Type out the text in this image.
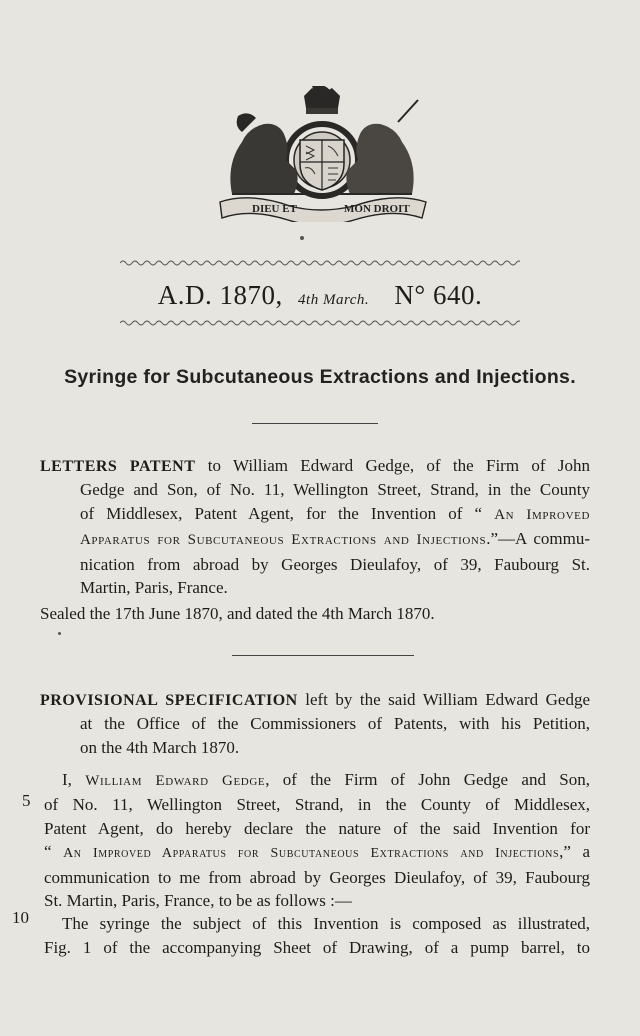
DIEU ET	MON DROIT
A.D. 1870, 4th March. N° 640.
Syringe for Subcutaneous Extractions and Injections.
LETTERS PATENT to William Edward Gedge, of the Firm of John
Gedge and Son, of No. 11, Wellington Street, Strand, in the County
of Middlesex, Patent Agent, for the Invention of “ An Improved
Apparatus for Subcutaneous Extractions and Injections.”—A commu-
nication from abroad by Georges Dieulafoy, of 39, Faubourg St.
Martin, Paris, France.
Sealed the 17th June 1870, and dated the 4th March 1870.
PROVISIONAL SPECIFICATION left by the said William Edward Gedge
at the Office of the Commissioners of Patents, with his Petition,
on the 4th March 1870.
5
10
I, William Edward Gedge, of the Firm of John Gedge and Son,
of No. 11, Wellington Street, Strand, in the County of Middlesex,
Patent Agent, do hereby declare the nature of the said Invention for
“ An Improved Apparatus for Subcutaneous Extractions and Injections,” a
communication to me from abroad by Georges Dieulafoy, of 39, Faubourg
St. Martin, Paris, France, to be as follows :—
The syringe the subject of this Invention is composed as illustrated,
Fig. 1 of the accompanying Sheet of Drawing, of a pump barrel, to
